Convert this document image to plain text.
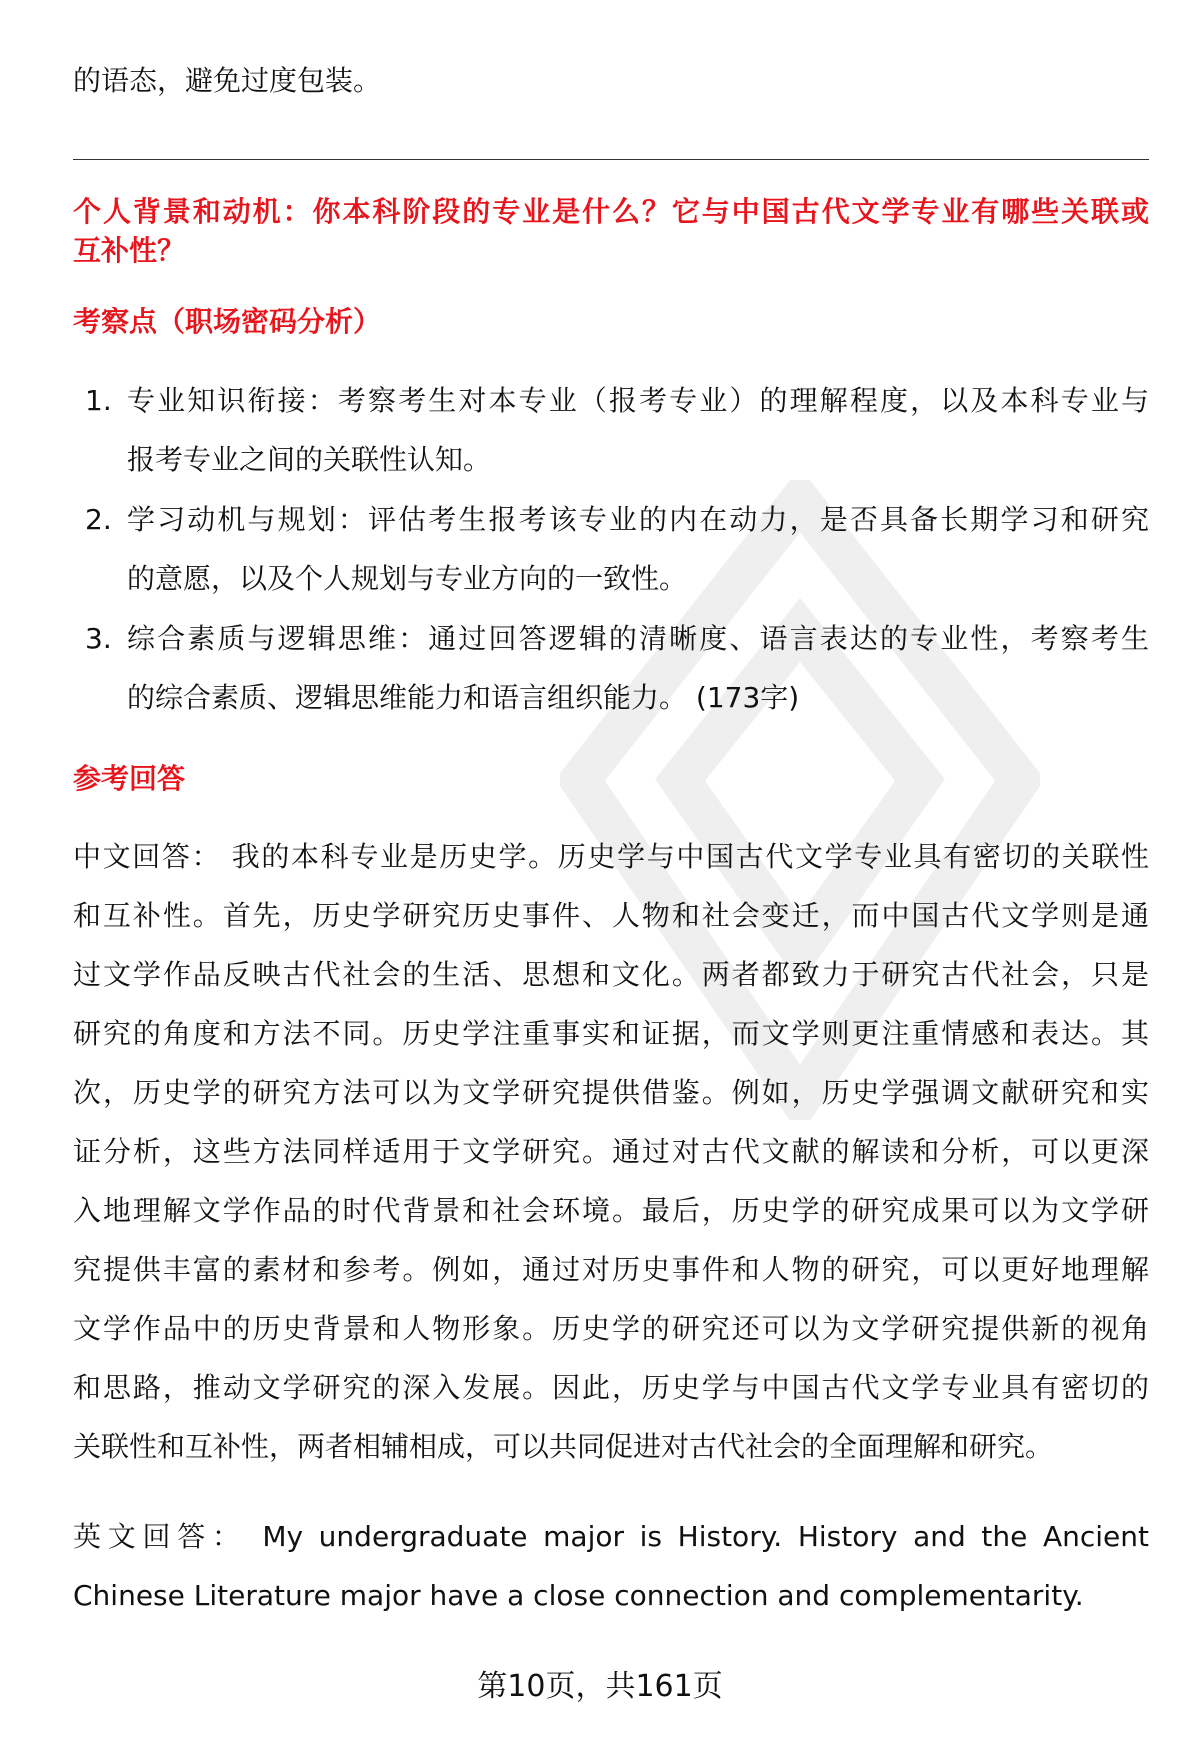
的语态，避免过度包装。
个人背景和动机：你本科阶段的专业是什么？它与中国古代文学专业有哪些关联或
互补性？
考察点（职场密码分析）
1. 专业知识衔接：考察考生对本专业（报考专业）的理解程度，以及本科专业与
报考专业之间的关联性认知。
2. 学习动机与规划：评估考生报考该专业的内在动力，是否具备长期学习和研究
的意愿，以及个人规划与专业方向的一致性。
3. 综合素质与逻辑思维：通过回答逻辑的清晰度、语言表达的专业性，考察考生
的综合素质、逻辑思维能力和语言组织能力。 (173字)
参考回答
中文回答： 我的本科专业是历史学。历史学与中国古代文学专业具有密切的关联性
和互补性。首先，历史学研究历史事件、人物和社会变迁，而中国古代文学则是通
过文学作品反映古代社会的生活、思想和文化。两者都致力于研究古代社会，只是
研究的角度和方法不同。历史学注重事实和证据，而文学则更注重情感和表达。其
次，历史学的研究方法可以为文学研究提供借鉴。例如，历史学强调文献研究和实
证分析，这些方法同样适用于文学研究。通过对古代文献的解读和分析，可以更深
入地理解文学作品的时代背景和社会环境。最后，历史学的研究成果可以为文学研
究提供丰富的素材和参考。例如，通过对历史事件和人物的研究，可以更好地理解
文学作品中的历史背景和人物形象。历史学的研究还可以为文学研究提供新的视角
和思路，推动文学研究的深入发展。因此，历史学与中国古代文学专业具有密切的
关联性和互补性，两者相辅相成，可以共同促进对古代社会的全面理解和研究。
英文回答： My undergraduate major is History. History and the Ancient
Chinese Literature major have a close connection and complementarity.
第10页，共161页
